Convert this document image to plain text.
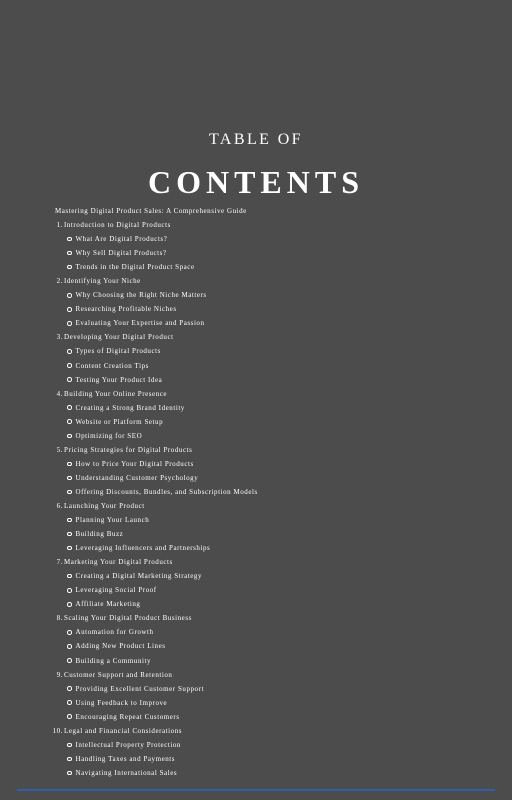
TABLE OF
CONTENTS
Mastering Digital Product Sales: A Comprehensive Guide
1. Introduction to Digital Products
What Are Digital Products?
Why Sell Digital Products?
Trends in the Digital Product Space
2. Identifying Your Niche
Why Choosing the Right Niche Matters
Researching Profitable Niches
Evaluating Your Expertise and Passion
3. Developing Your Digital Product
Types of Digital Products
Content Creation Tips
Testing Your Product Idea
4. Building Your Online Presence
Creating a Strong Brand Identity
Website or Platform Setup
Optimizing for SEO
5. Pricing Strategies for Digital Products
How to Price Your Digital Products
Understanding Customer Psychology
Offering Discounts, Bundles, and Subscription Models
6. Launching Your Product
Planning Your Launch
Building Buzz
Leveraging Influencers and Partnerships
7. Marketing Your Digital Products
Creating a Digital Marketing Strategy
Leveraging Social Proof
Affiliate Marketing
8. Scaling Your Digital Product Business
Automation for Growth
Adding New Product Lines
Building a Community
9. Customer Support and Retention
Providing Excellent Customer Support
Using Feedback to Improve
Encouraging Repeat Customers
10. Legal and Financial Considerations
Intellectual Property Protection
Handling Taxes and Payments
Navigating International Sales
